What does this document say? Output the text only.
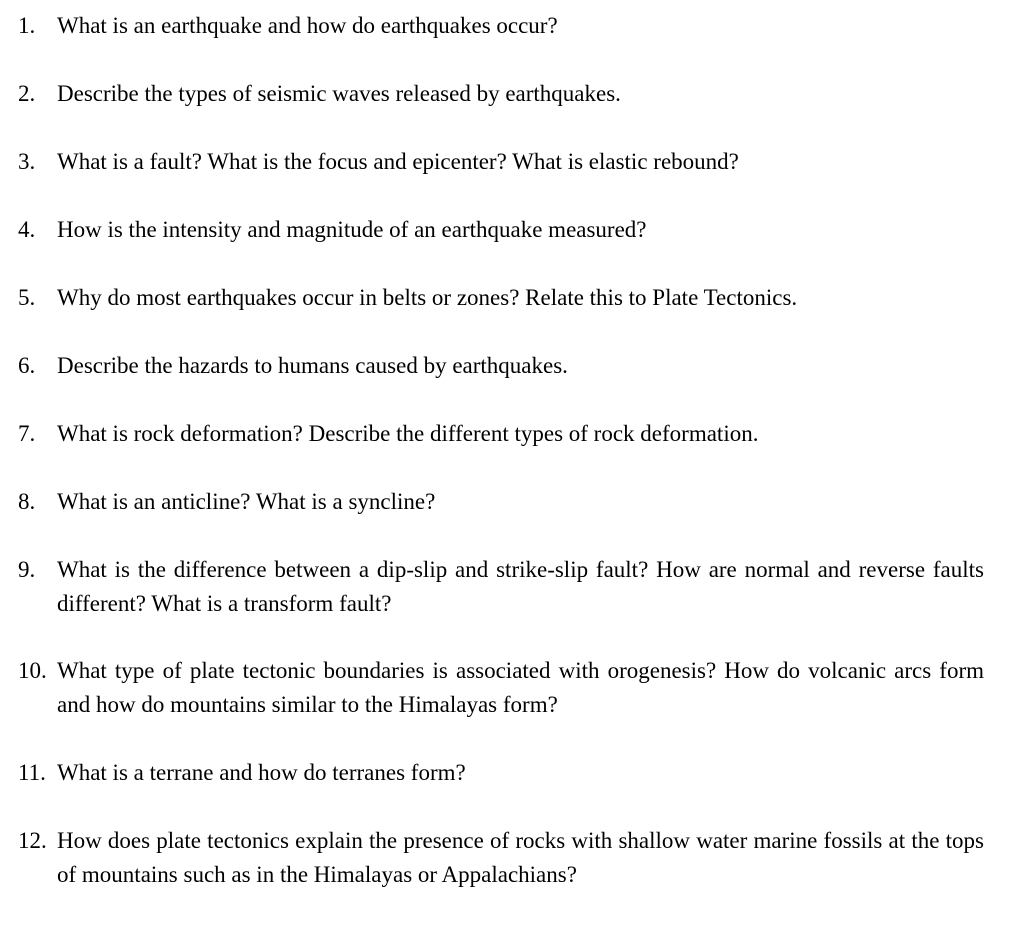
1. What is an earthquake and how do earthquakes occur?
2. Describe the types of seismic waves released by earthquakes.
3. What is a fault? What is the focus and epicenter? What is elastic rebound?
4. How is the intensity and magnitude of an earthquake measured?
5. Why do most earthquakes occur in belts or zones? Relate this to Plate Tectonics.
6. Describe the hazards to humans caused by earthquakes.
7. What is rock deformation? Describe the different types of rock deformation.
8. What is an anticline? What is a syncline?
9. What is the difference between a dip-slip and strike-slip fault? How are normal and reverse faults different? What is a transform fault?
10. What type of plate tectonic boundaries is associated with orogenesis? How do volcanic arcs form and how do mountains similar to the Himalayas form?
11. What is a terrane and how do terranes form?
12. How does plate tectonics explain the presence of rocks with shallow water marine fossils at the tops of mountains such as in the Himalayas or Appalachians?
